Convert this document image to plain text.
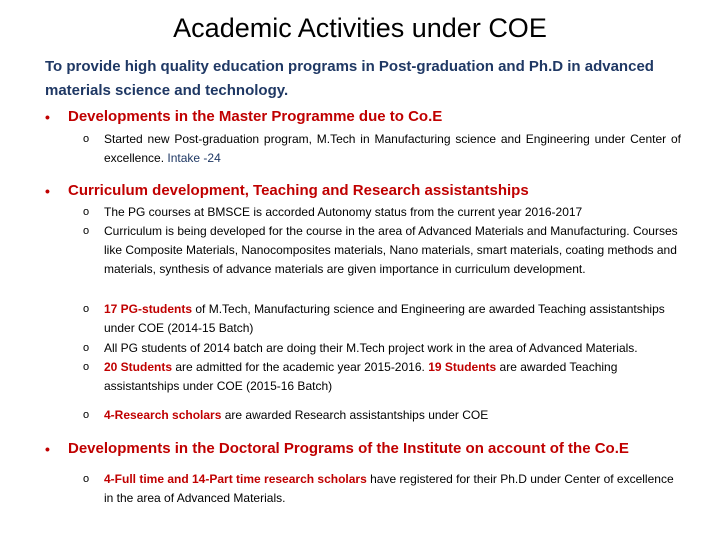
Academic Activities under COE
To provide high quality education programs in Post-graduation and Ph.D in advanced materials science and technology.
• Developments in the Master Programme due to Co.E
o Started new Post-graduation program, M.Tech in Manufacturing science and Engineering under Center of excellence. Intake -24
• Curriculum development, Teaching and Research assistantships
o The PG courses at BMSCE is accorded Autonomy status from the current year 2016-2017
o Curriculum is being developed for the course in the area of Advanced Materials and Manufacturing. Courses like Composite Materials, Nanocomposites materials, Nano materials, smart materials, coating methods and materials, synthesis of advance materials are given importance in curriculum development.
o 17 PG-students of M.Tech, Manufacturing science and Engineering are awarded Teaching assistantships under COE (2014-15 Batch)
o All PG students of 2014 batch are doing their M.Tech project work in the area of Advanced Materials.
o 20 Students are admitted for the academic year 2015-2016. 19 Students are awarded Teaching assistantships under COE (2015-16 Batch)
o 4-Research scholars are awarded Research assistantships under COE
• Developments in the Doctoral Programs of the Institute on account of the Co.E
o 4-Full time and 14-Part time research scholars have registered for their Ph.D under Center of excellence in the area of Advanced Materials.
